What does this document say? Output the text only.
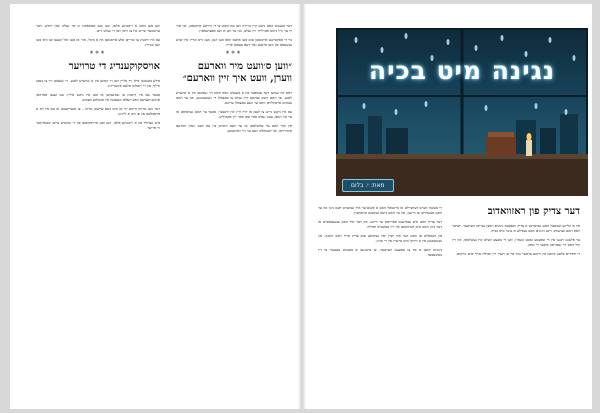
דער מענטש האט נישט קיין ברירה ווען עס קומט צו די גרויסע אויסגאבן, און אזוי ווי ער וויל נישט פארלירן זיין געלט, מוז ער זוכן א וועג אפצושפארן.

ביי די פאקטישע אויסגאבן טוט מען אלעס וואס מען קען, מען גייט אריין אין יעדע געשעפט און מען פרעגט נאך דעם בעסטן פרייז.

***
״ווען ס׳וועט מיר ווארעם ווערן, וועט איך זיין ווארעם״

דאס איז געווען דער ענטפער פון א מענטש וואס האט זיך געפונען אין א שווערע לאגע. ער האט נישט געהאט קיין געלט צו באצאלן די רעכענונגען, און ער האט געמוזט אויסקלויבן וואס ער וועט באצאלן ערשט.

עס איז נישט גרינג צו לעבן אן קיין היץ אין ווינטער, אבער ער האט געוואוסט אז ער מוז האבן גענוג געלט פאר עסן פאר זיין פאמיליע.

אין סוף האט ער באשלאסן אז ער וועט ווארטן ביז עס וועט ווערן ווארעם אינדרויסן, און דעמאלט וועט ער זיך ווארעמען.

ווען מען האט א ריכטיגע פלאן, קען מען אפשפארן א סך געלט יעדן חודש. דער ערשטער שריט איז צו וויסן וואו די געלט גייט.

עס איז וויכטיג צו שרייבן אלע אויסגאבן אין א ביכל, אזוי אז מען זאל קענען זען וואו מען קען שניידן.

***
אויסקוקענדיג די טרויער

פילע מענטשן פילן זיך אליין ווען זיי קומען אין א שווערע לאגע. זיי שעמען זיך צו בעטן הילף, און זיי האלטן אלעס אינעווייניג.

אבער עס איז וויכטיג צו געדענקען אז מען איז נישט אליין. עס זענען פארהאן ארגאניזאציעס וואס העלפן מענטשן אין אזעלכע מצבים.

דער וועג ארויס הייבט זיך אן מיט דעם ערשטן טריט – צו אנערקענען אז עס איז דא א פראבלעם און צו זוכן א לייזונג.

מיט געדולד און א ריכטיגע פלאן, קען מען ארויסקומען פון די שווערע צייטן שטארקער ווי פריער.

נגינה מיט בכיה
מאת: י. בלום
דער צדיק פון ראזוואדוב

אין א קליינע שטעטל האט געוואוינט א צדיק וועמענס ניגונים האבן געריסן הערצער. יעדער וואס האט געהערט זיינע ניגונים האט געפילט א נגינה מיט בכיה.

ער פלעגט זינגען אין די שפעטע נאכט שעה'ן, ווען די גאנצע וועלט איז געשלאפן, און זיין קול האט זיך געטראגן איבער די גאסן.

די חסידים פלעגן קומען פון ווייטע ערטער נאר כדי צו הערן זיין תפילה אויף ימים נוראים.

די מעשה ווערט דערציילט אז איינמאל האט א פשוט'ער איד געהערט דעם ניגון און ער האט אנגעהויבן צו וויינען, און ער האט נישט געקענט אויפהערן.

דער צדיק האט אים געפרעגט פארוואס ער וויינט, און דער איד האט געענטפערט אז דער ניגון האט אים דערמאנט אין זיין טאטע'ס תפילה.

פון דעמאלט אן האט דער איד יעדן יאר געקומען צום צדיק אויף ראש השנה, און געשטאנען אין א ווינקל מיט טרערן אין די אויגן.

ניגונים האבן א כח צו עפענען הערצער, צו ברענגען א מענטש נענטער צו זיין באשעפער.
